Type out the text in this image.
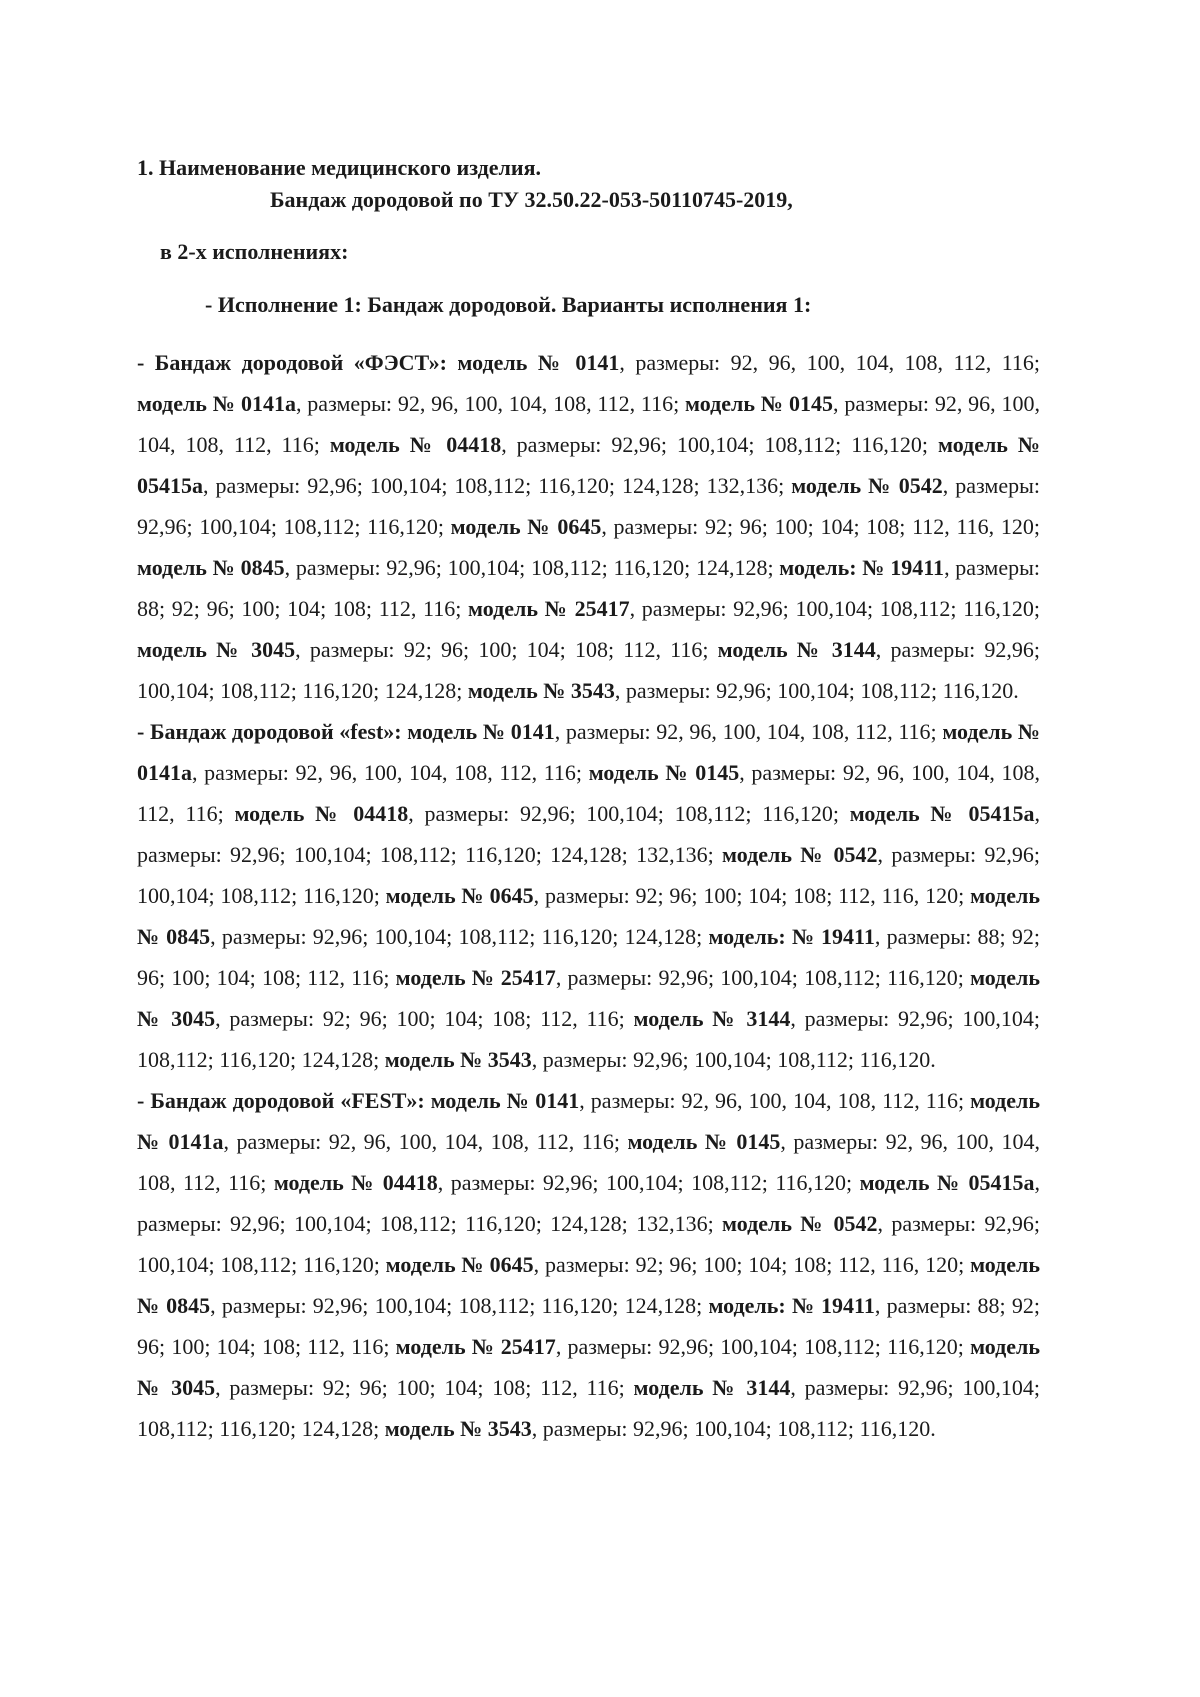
1. Наименование медицинского изделия.
Бандаж дородовой по ТУ 32.50.22-053-50110745-2019,
в 2-х исполнениях:
- Исполнение 1: Бандаж дородовой. Варианты исполнения 1:

- Бандаж дородовой «ФЭСТ»: модель № 0141, размеры: 92, 96, 100, 104, 108, 112, 116; модель № 0141а, размеры: 92, 96, 100, 104, 108, 112, 116; модель № 0145, размеры: 92, 96, 100, 104, 108, 112, 116; модель № 04418, размеры: 92,96; 100,104; 108,112; 116,120; модель № 05415а, размеры: 92,96; 100,104; 108,112; 116,120; 124,128; 132,136; модель № 0542, размеры: 92,96; 100,104; 108,112; 116,120; модель № 0645, размеры: 92; 96; 100; 104; 108; 112, 116, 120; модель № 0845, размеры: 92,96; 100,104; 108,112; 116,120; 124,128; модель: № 19411, размеры: 88; 92; 96; 100; 104; 108; 112, 116; модель № 25417, размеры: 92,96; 100,104; 108,112; 116,120; модель № 3045, размеры: 92; 96; 100; 104; 108; 112, 116; модель № 3144, размеры: 92,96; 100,104; 108,112; 116,120; 124,128; модель № 3543, размеры: 92,96; 100,104; 108,112; 116,120.

- Бандаж дородовой «fest»: модель № 0141, размеры: 92, 96, 100, 104, 108, 112, 116; модель № 0141а, размеры: 92, 96, 100, 104, 108, 112, 116; модель № 0145, размеры: 92, 96, 100, 104, 108, 112, 116; модель № 04418, размеры: 92,96; 100,104; 108,112; 116,120; модель № 05415а, размеры: 92,96; 100,104; 108,112; 116,120; 124,128; 132,136; модель № 0542, размеры: 92,96; 100,104; 108,112; 116,120; модель № 0645, размеры: 92; 96; 100; 104; 108; 112, 116, 120; модель № 0845, размеры: 92,96; 100,104; 108,112; 116,120; 124,128; модель: № 19411, размеры: 88; 92; 96; 100; 104; 108; 112, 116; модель № 25417, размеры: 92,96; 100,104; 108,112; 116,120; модель № 3045, размеры: 92; 96; 100; 104; 108; 112, 116; модель № 3144, размеры: 92,96; 100,104; 108,112; 116,120; 124,128; модель № 3543, размеры: 92,96; 100,104; 108,112; 116,120.

- Бандаж дородовой «FEST»: модель № 0141, размеры: 92, 96, 100, 104, 108, 112, 116; модель № 0141а, размеры: 92, 96, 100, 104, 108, 112, 116; модель № 0145, размеры: 92, 96, 100, 104, 108, 112, 116; модель № 04418, размеры: 92,96; 100,104; 108,112; 116,120; модель № 05415а, размеры: 92,96; 100,104; 108,112; 116,120; 124,128; 132,136; модель № 0542, размеры: 92,96; 100,104; 108,112; 116,120; модель № 0645, размеры: 92; 96; 100; 104; 108; 112, 116, 120; модель № 0845, размеры: 92,96; 100,104; 108,112; 116,120; 124,128; модель: № 19411, размеры: 88; 92; 96; 100; 104; 108; 112, 116; модель № 25417, размеры: 92,96; 100,104; 108,112; 116,120; модель № 3045, размеры: 92; 96; 100; 104; 108; 112, 116; модель № 3144, размеры: 92,96; 100,104; 108,112; 116,120; 124,128; модель № 3543, размеры: 92,96; 100,104; 108,112; 116,120.
